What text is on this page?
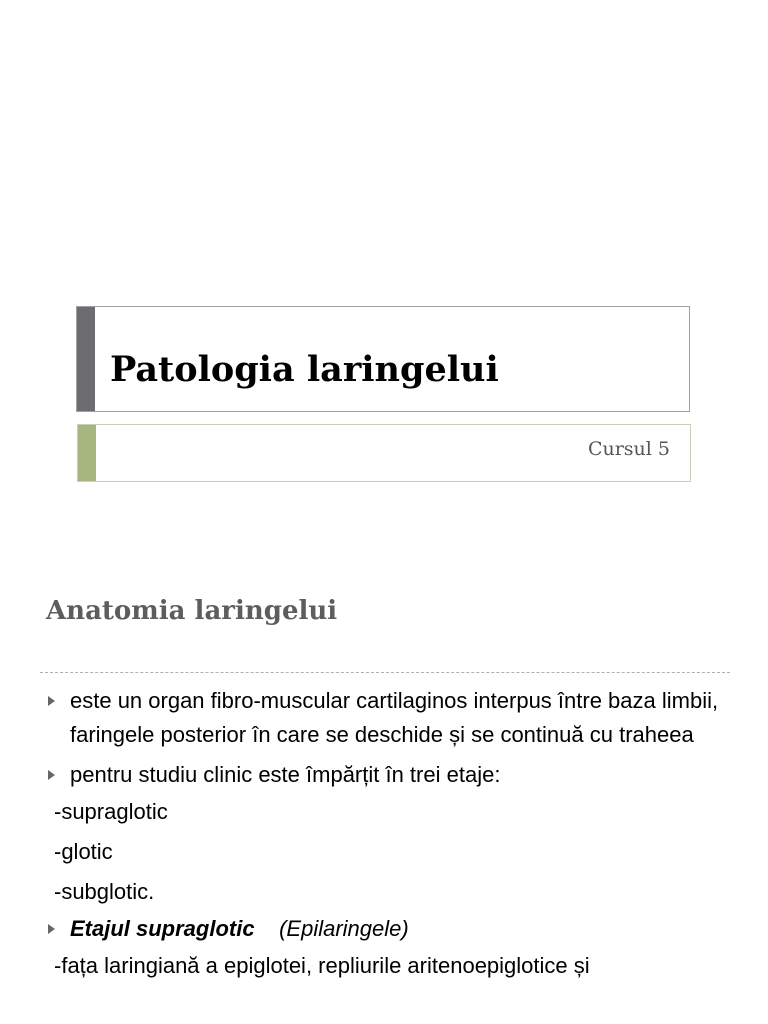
Patologia laringelui
Cursul 5
Anatomia laringelui
este un organ fibro-muscular cartilaginos interpus între baza limbii, faringele posterior în care se deschide și se continuă cu traheea
pentru studiu clinic este împărțit în trei etaje:
-supraglotic
-glotic
-subglotic.
Etajul supraglotic (Epilaringele)
-fața laringiană a epiglotei, repliurile aritenoepiglotice și
